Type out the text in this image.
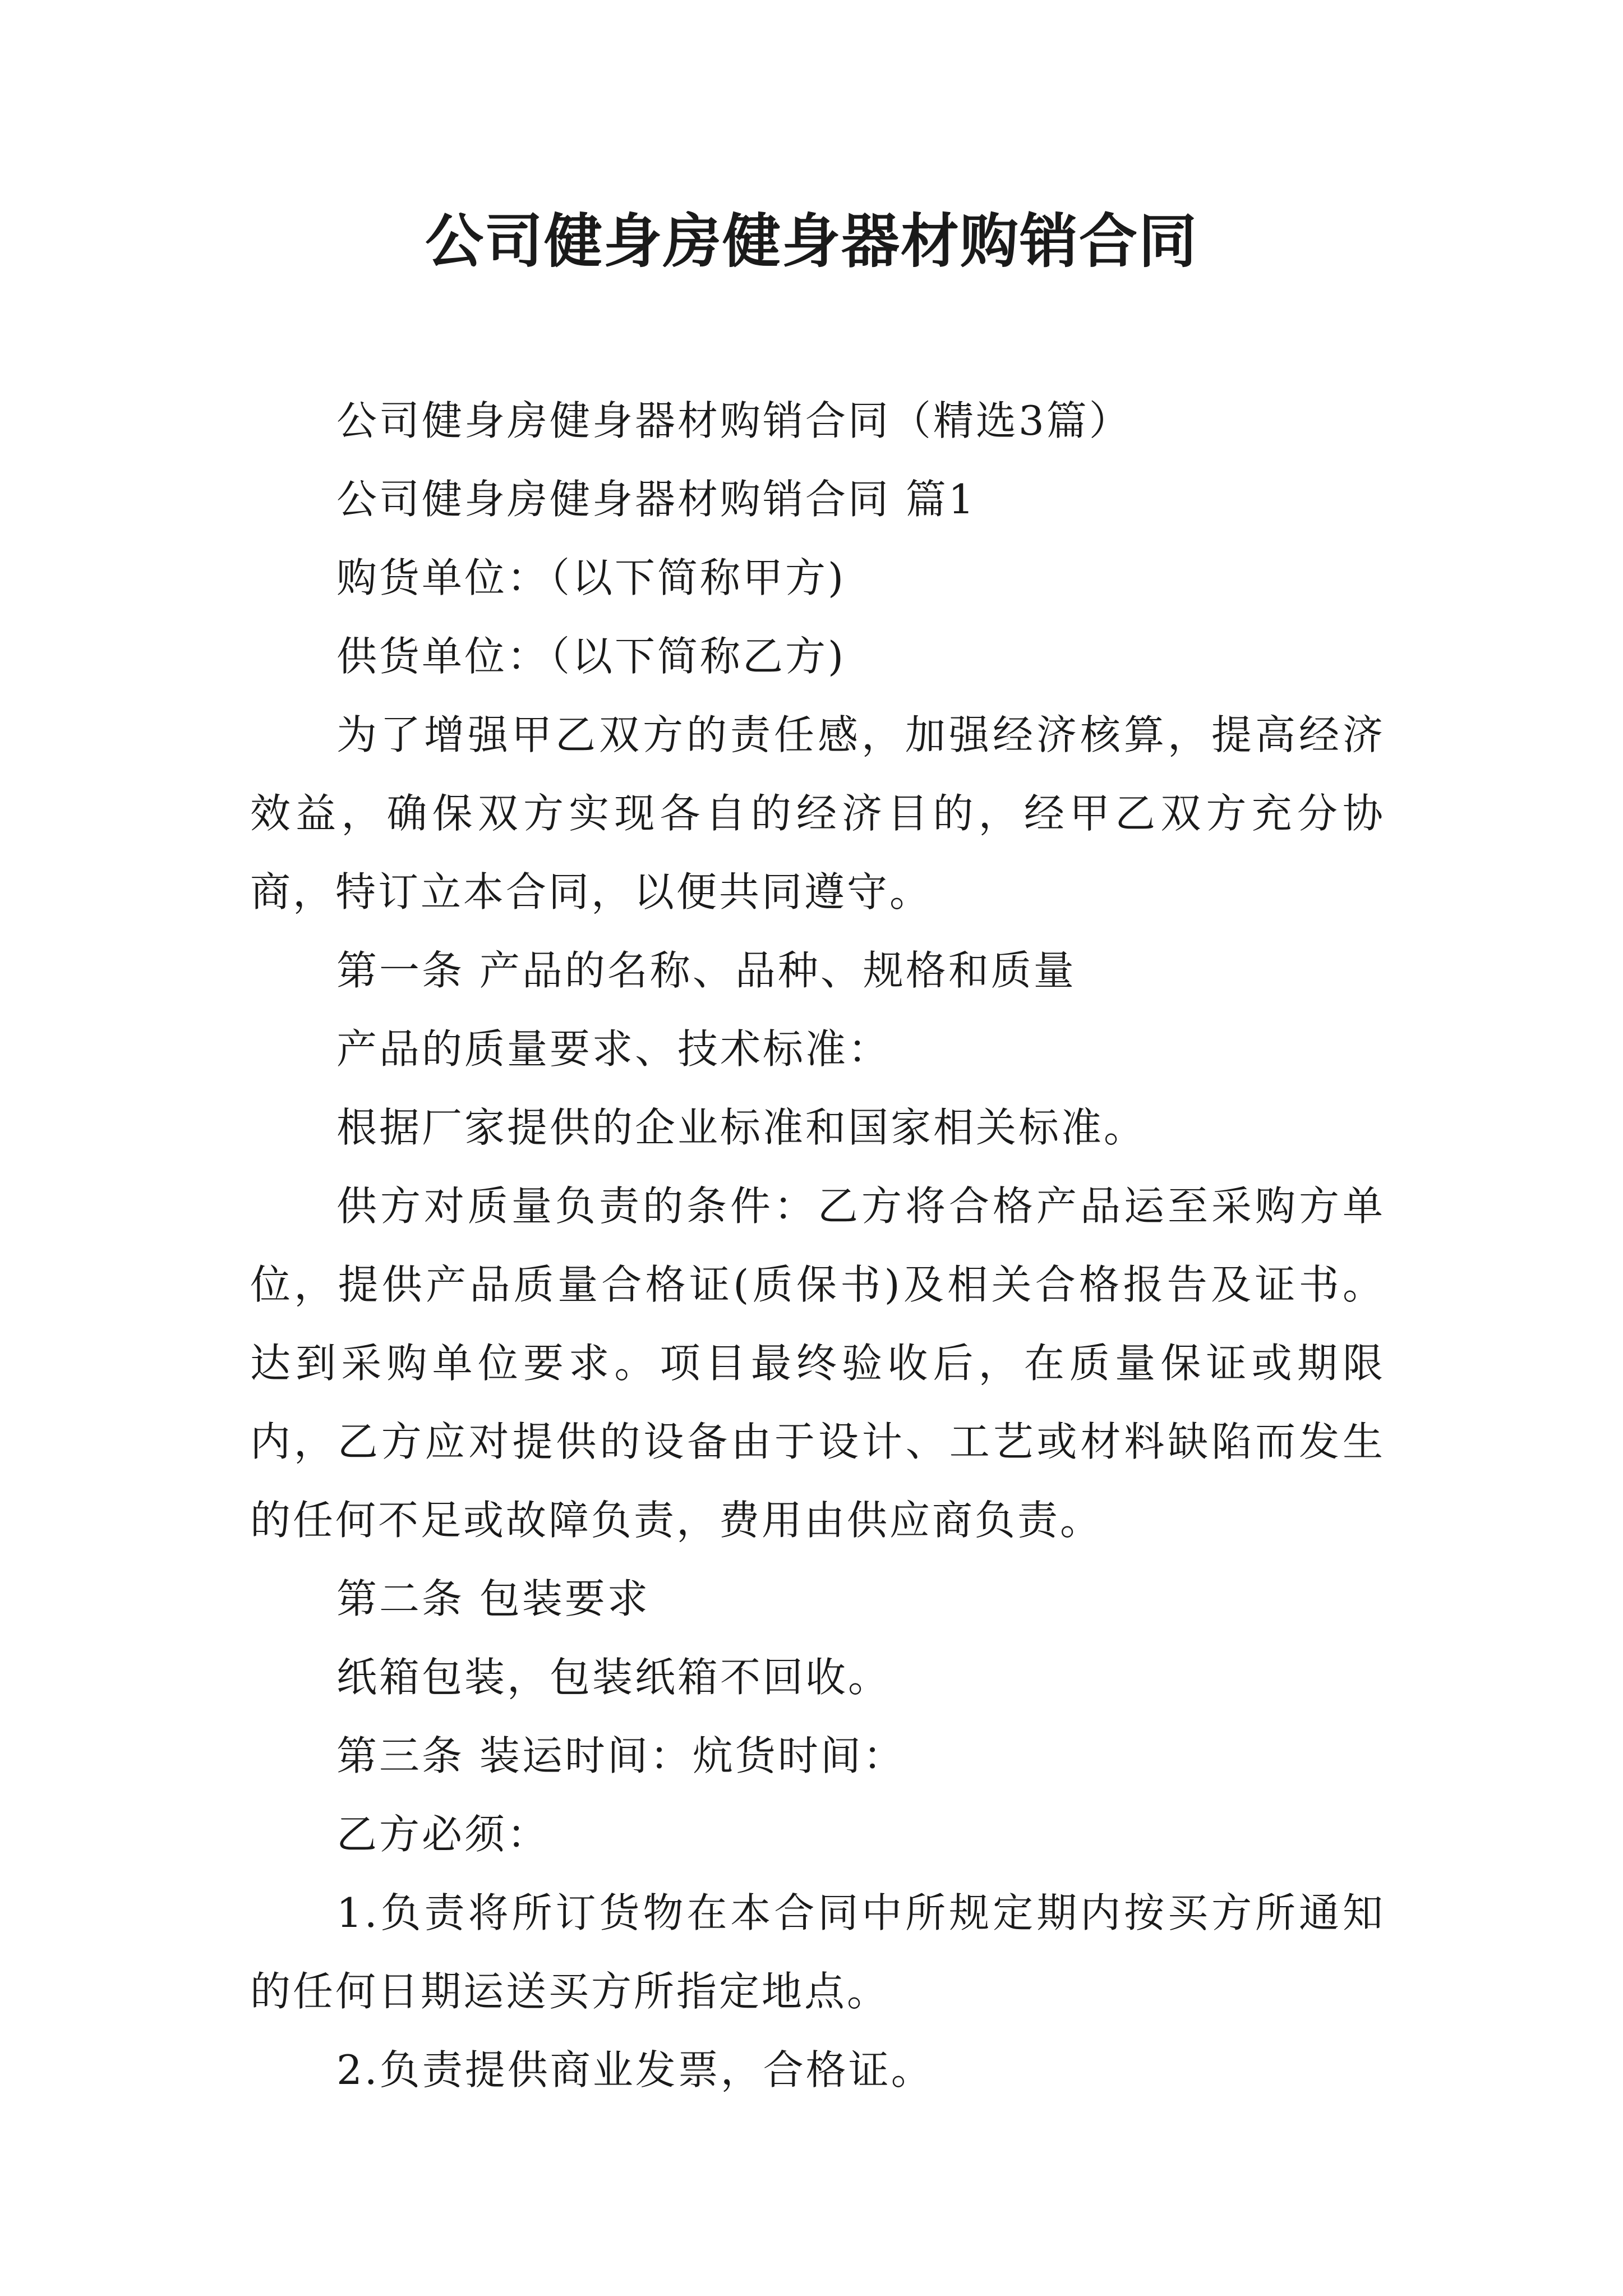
公司健身房健身器材购销合同

公司健身房健身器材购销合同（精选3篇）

公司健身房健身器材购销合同 篇1

购货单位：（以下简称甲方)

供货单位：（以下简称乙方)

为了增强甲乙双方的责任感，加强经济核算，提高经济效益，确保双方实现各自的经济目的，经甲乙双方充分协商，特订立本合同，以便共同遵守。

第一条 产品的名称、品种、规格和质量

产品的质量要求、技术标准：

根据厂家提供的企业标准和国家相关标准。

供方对质量负责的条件：乙方将合格产品运至采购方单位，提供产品质量合格证(质保书)及相关合格报告及证书。达到采购单位要求。项目最终验收后，在质量保证或期限内，乙方应对提供的设备由于设计、工艺或材料缺陷而发生的任何不足或故障负责，费用由供应商负责。

第二条 包装要求

纸箱包装，包装纸箱不回收。

第三条 装运时间：炕货时间：

乙方必须：

1.负责将所订货物在本合同中所规定期内按买方所通知的任何日期运送买方所指定地点。

2.负责提供商业发票，合格证。
